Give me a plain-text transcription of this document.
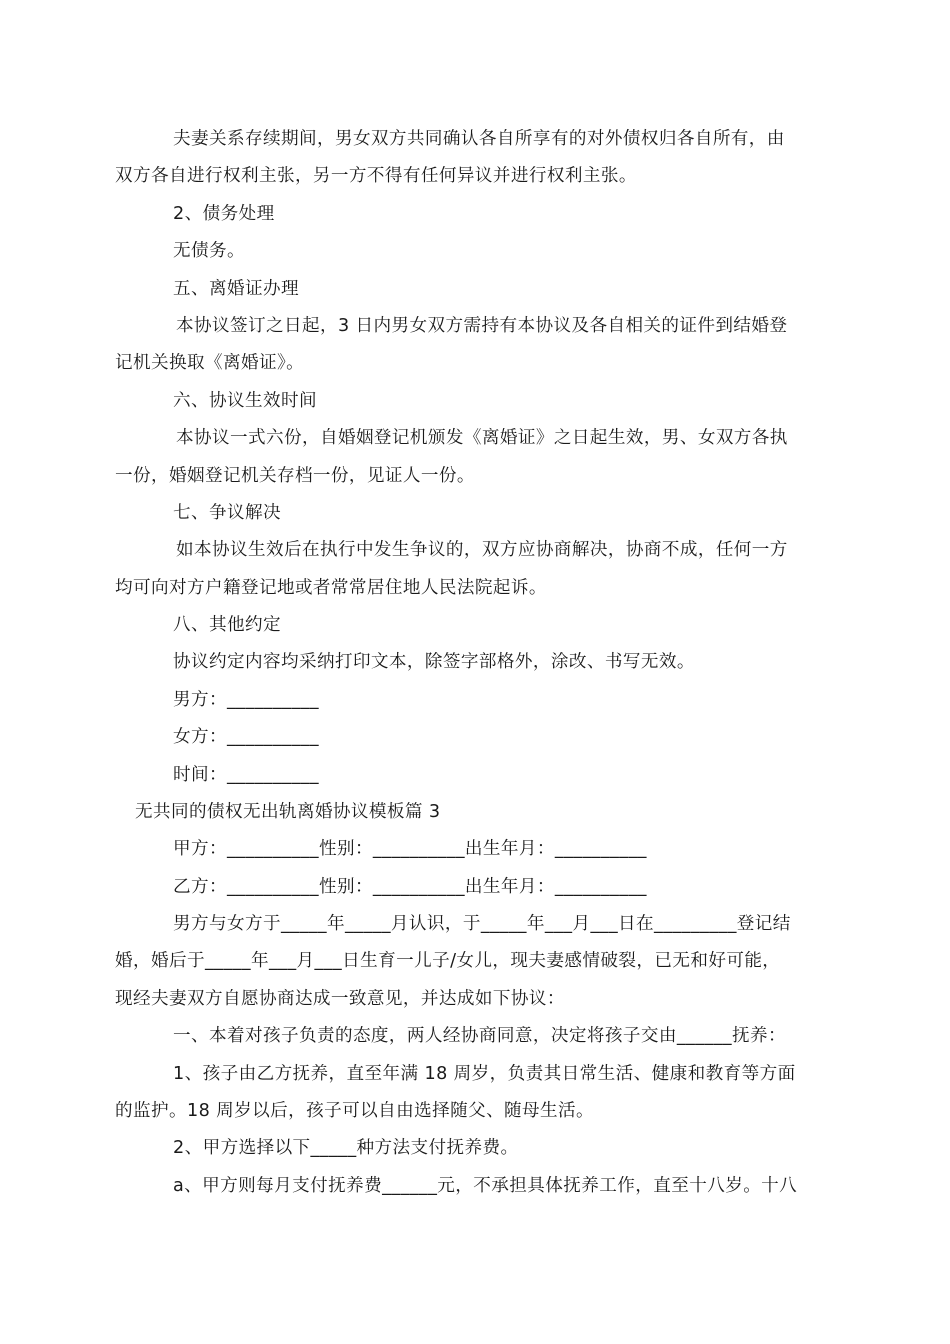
夫妻关系存续期间，男女双方共同确认各自所享有的对外债权归各自所有，由
双方各自进行权利主张，另一方不得有任何异议并进行权利主张。
2、债务处理
无债务。
五、离婚证办理
本协议签订之日起，3 日内男女双方需持有本协议及各自相关的证件到结婚登
记机关换取《离婚证》。
六、协议生效时间
本协议一式六份，自婚姻登记机颁发《离婚证》之日起生效，男、女双方各执
一份，婚姻登记机关存档一份，见证人一份。
七、争议解决
如本协议生效后在执行中发生争议的，双方应协商解决，协商不成，任何一方
均可向对方户籍登记地或者常常居住地人民法院起诉。
八、其他约定
协议约定内容均采纳打印文本，除签字部格外，涂改、书写无效。
男方：__________
女方：__________
时间：__________
无共同的债权无出轨离婚协议模板篇 3
甲方：__________性别：__________出生年月：__________
乙方：__________性别：__________出生年月：__________
男方与女方于_____年_____月认识，于_____年___月___日在_________登记结
婚，婚后于_____年___月___日生育一儿子/女儿，现夫妻感情破裂，已无和好可能，
现经夫妻双方自愿协商达成一致意见，并达成如下协议：
一、本着对孩子负责的态度，两人经协商同意，决定将孩子交由______抚养：
1、孩子由乙方抚养，直至年满 18 周岁，负责其日常生活、健康和教育等方面
的监护。18 周岁以后，孩子可以自由选择随父、随母生活。
2、甲方选择以下_____种方法支付抚养费。
a、甲方则每月支付抚养费______元，不承担具体抚养工作，直至十八岁。十八
